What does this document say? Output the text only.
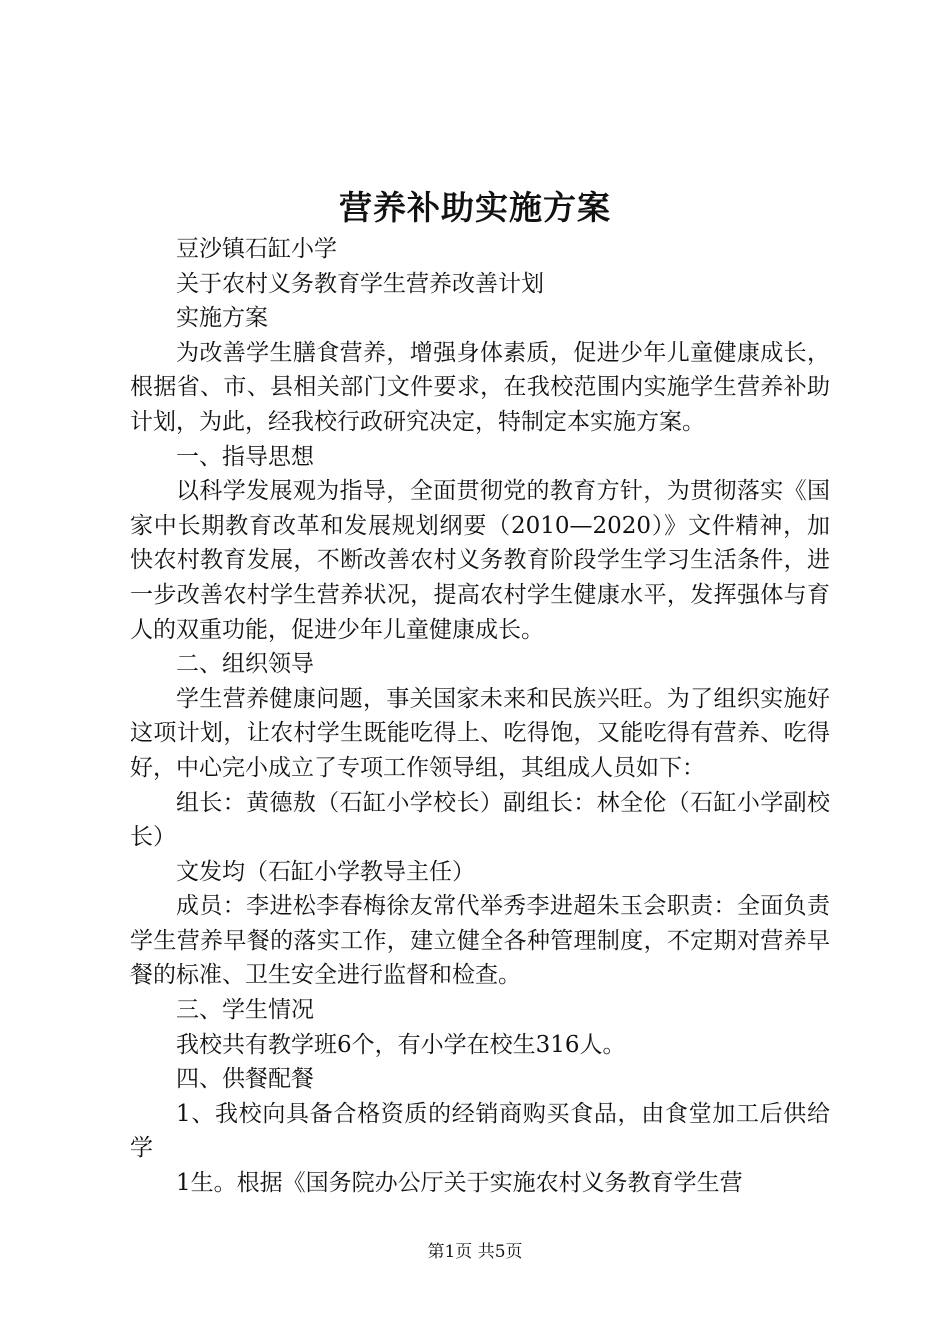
营养补助实施方案

豆沙镇石缸小学

关于农村义务教育学生营养改善计划

实施方案

为改善学生膳食营养，增强身体素质，促进少年儿童健康成长，根据省、市、县相关部门文件要求，在我校范围内实施学生营养补助计划，为此，经我校行政研究决定，特制定本实施方案。

一、指导思想

以科学发展观为指导，全面贯彻党的教育方针，为贯彻落实《国家中长期教育改革和发展规划纲要（2010—2020）》文件精神，加快农村教育发展，不断改善农村义务教育阶段学生学习生活条件，进一步改善农村学生营养状况，提高农村学生健康水平，发挥强体与育人的双重功能，促进少年儿童健康成长。

二、组织领导

学生营养健康问题，事关国家未来和民族兴旺。为了组织实施好这项计划，让农村学生既能吃得上、吃得饱，又能吃得有营养、吃得好，中心完小成立了专项工作领导组，其组成人员如下：

组长：黄德敖（石缸小学校长）副组长：林全伦（石缸小学副校长）

文发均（石缸小学教导主任）

成员：李进松李春梅徐友常代举秀李进超朱玉会职责：全面负责学生营养早餐的落实工作，建立健全各种管理制度，不定期对营养早餐的标准、卫生安全进行监督和检查。

三、学生情况

我校共有教学班6个，有小学在校生316人。

四、供餐配餐

1、我校向具备合格资质的经销商购买食品，由食堂加工后供给学

1生。根据《国务院办公厅关于实施农村义务教育学生营

第1页 共5页
